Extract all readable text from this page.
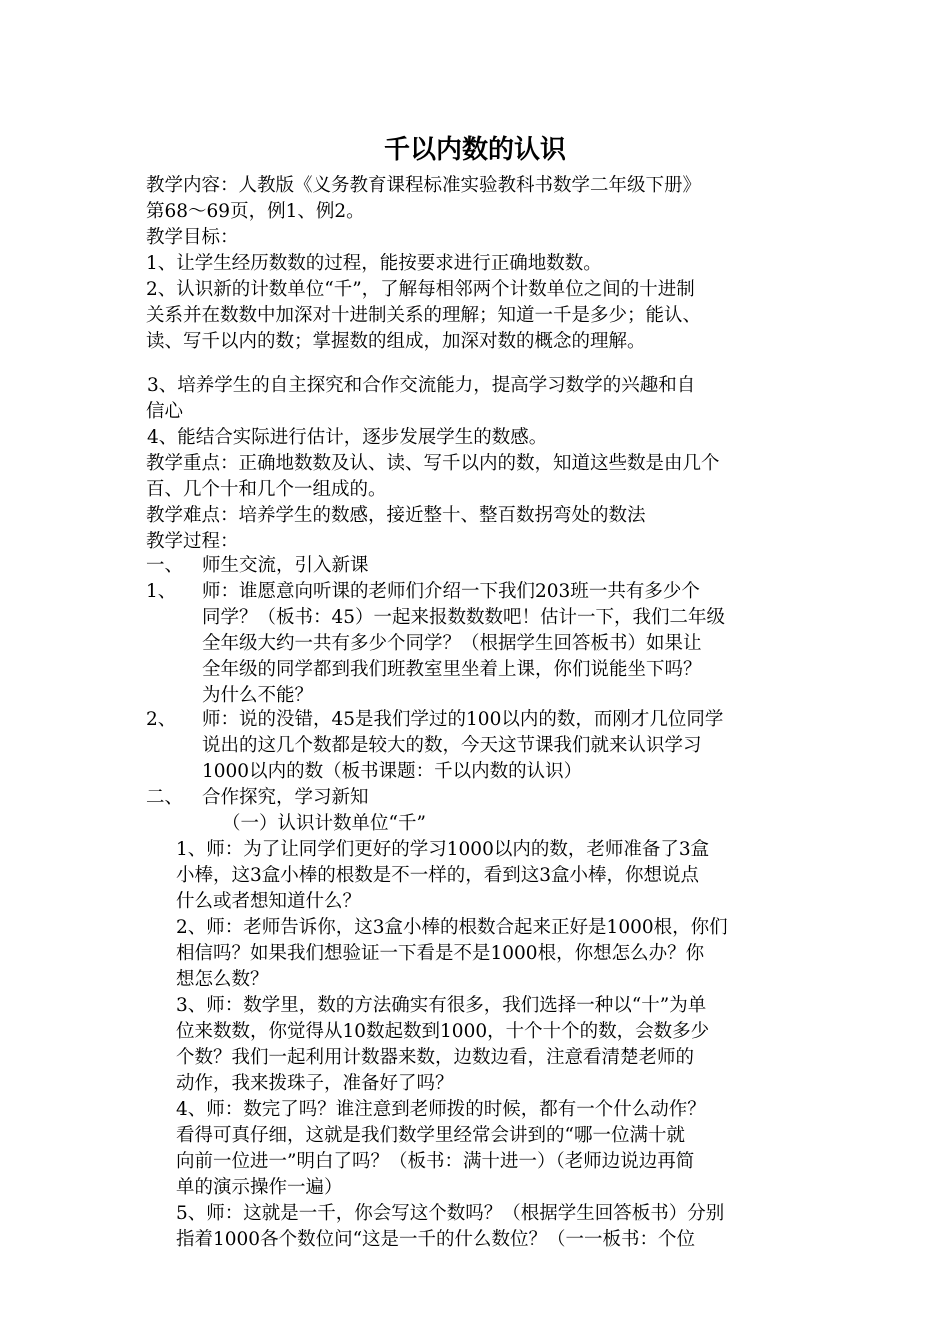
千以内数的认识
教学内容：人教版《义务教育课程标准实验教科书数学二年级下册》
第68～69页，例1、例2。
教学目标：
1、让学生经历数数的过程，能按要求进行正确地数数。
2、认识新的计数单位“千”，了解每相邻两个计数单位之间的十进制
关系并在数数中加深对十进制关系的理解；知道一千是多少；能认、
读、写千以内的数；掌握数的组成，加深对数的概念的理解。
3、培养学生的自主探究和合作交流能力，提高学习数学的兴趣和自
信心
4、能结合实际进行估计，逐步发展学生的数感。
教学重点：正确地数数及认、读、写千以内的数，知道这些数是由几个
百、几个十和几个一组成的。
教学难点：培养学生的数感，接近整十、整百数拐弯处的数法
教学过程：
一、 师生交流，引入新课
1、 师：谁愿意向听课的老师们介绍一下我们203班一共有多少个
同学？（板书：45）一起来报数数数吧！估计一下，我们二年级
全年级大约一共有多少个同学？（根据学生回答板书）如果让
全年级的同学都到我们班教室里坐着上课，你们说能坐下吗？
为什么不能？
2、 师：说的没错，45是我们学过的100以内的数，而刚才几位同学
说出的这几个数都是较大的数，今天这节课我们就来认识学习
1000以内的数（板书课题：千以内数的认识）
二、 合作探究，学习新知
（一）认识计数单位“千”
1、师：为了让同学们更好的学习1000以内的数，老师准备了3盒
小棒，这3盒小棒的根数是不一样的，看到这3盒小棒，你想说点
什么或者想知道什么？
2、师：老师告诉你，这3盒小棒的根数合起来正好是1000根，你们
相信吗？如果我们想验证一下看是不是1000根，你想怎么办？你
想怎么数？
3、师：数学里，数的方法确实有很多，我们选择一种以“十”为单
位来数数，你觉得从10数起数到1000，十个十个的数，会数多少
个数？我们一起利用计数器来数，边数边看，注意看清楚老师的
动作，我来拨珠子，准备好了吗？
4、师：数完了吗？谁注意到老师拨的时候，都有一个什么动作？
看得可真仔细，这就是我们数学里经常会讲到的“哪一位满十就
向前一位进一”明白了吗？（板书：满十进一）（老师边说边再简
单的演示操作一遍）
5、师：这就是一千，你会写这个数吗？（根据学生回答板书）分别
指着1000各个数位问“这是一千的什么数位？（一一板书：个位
